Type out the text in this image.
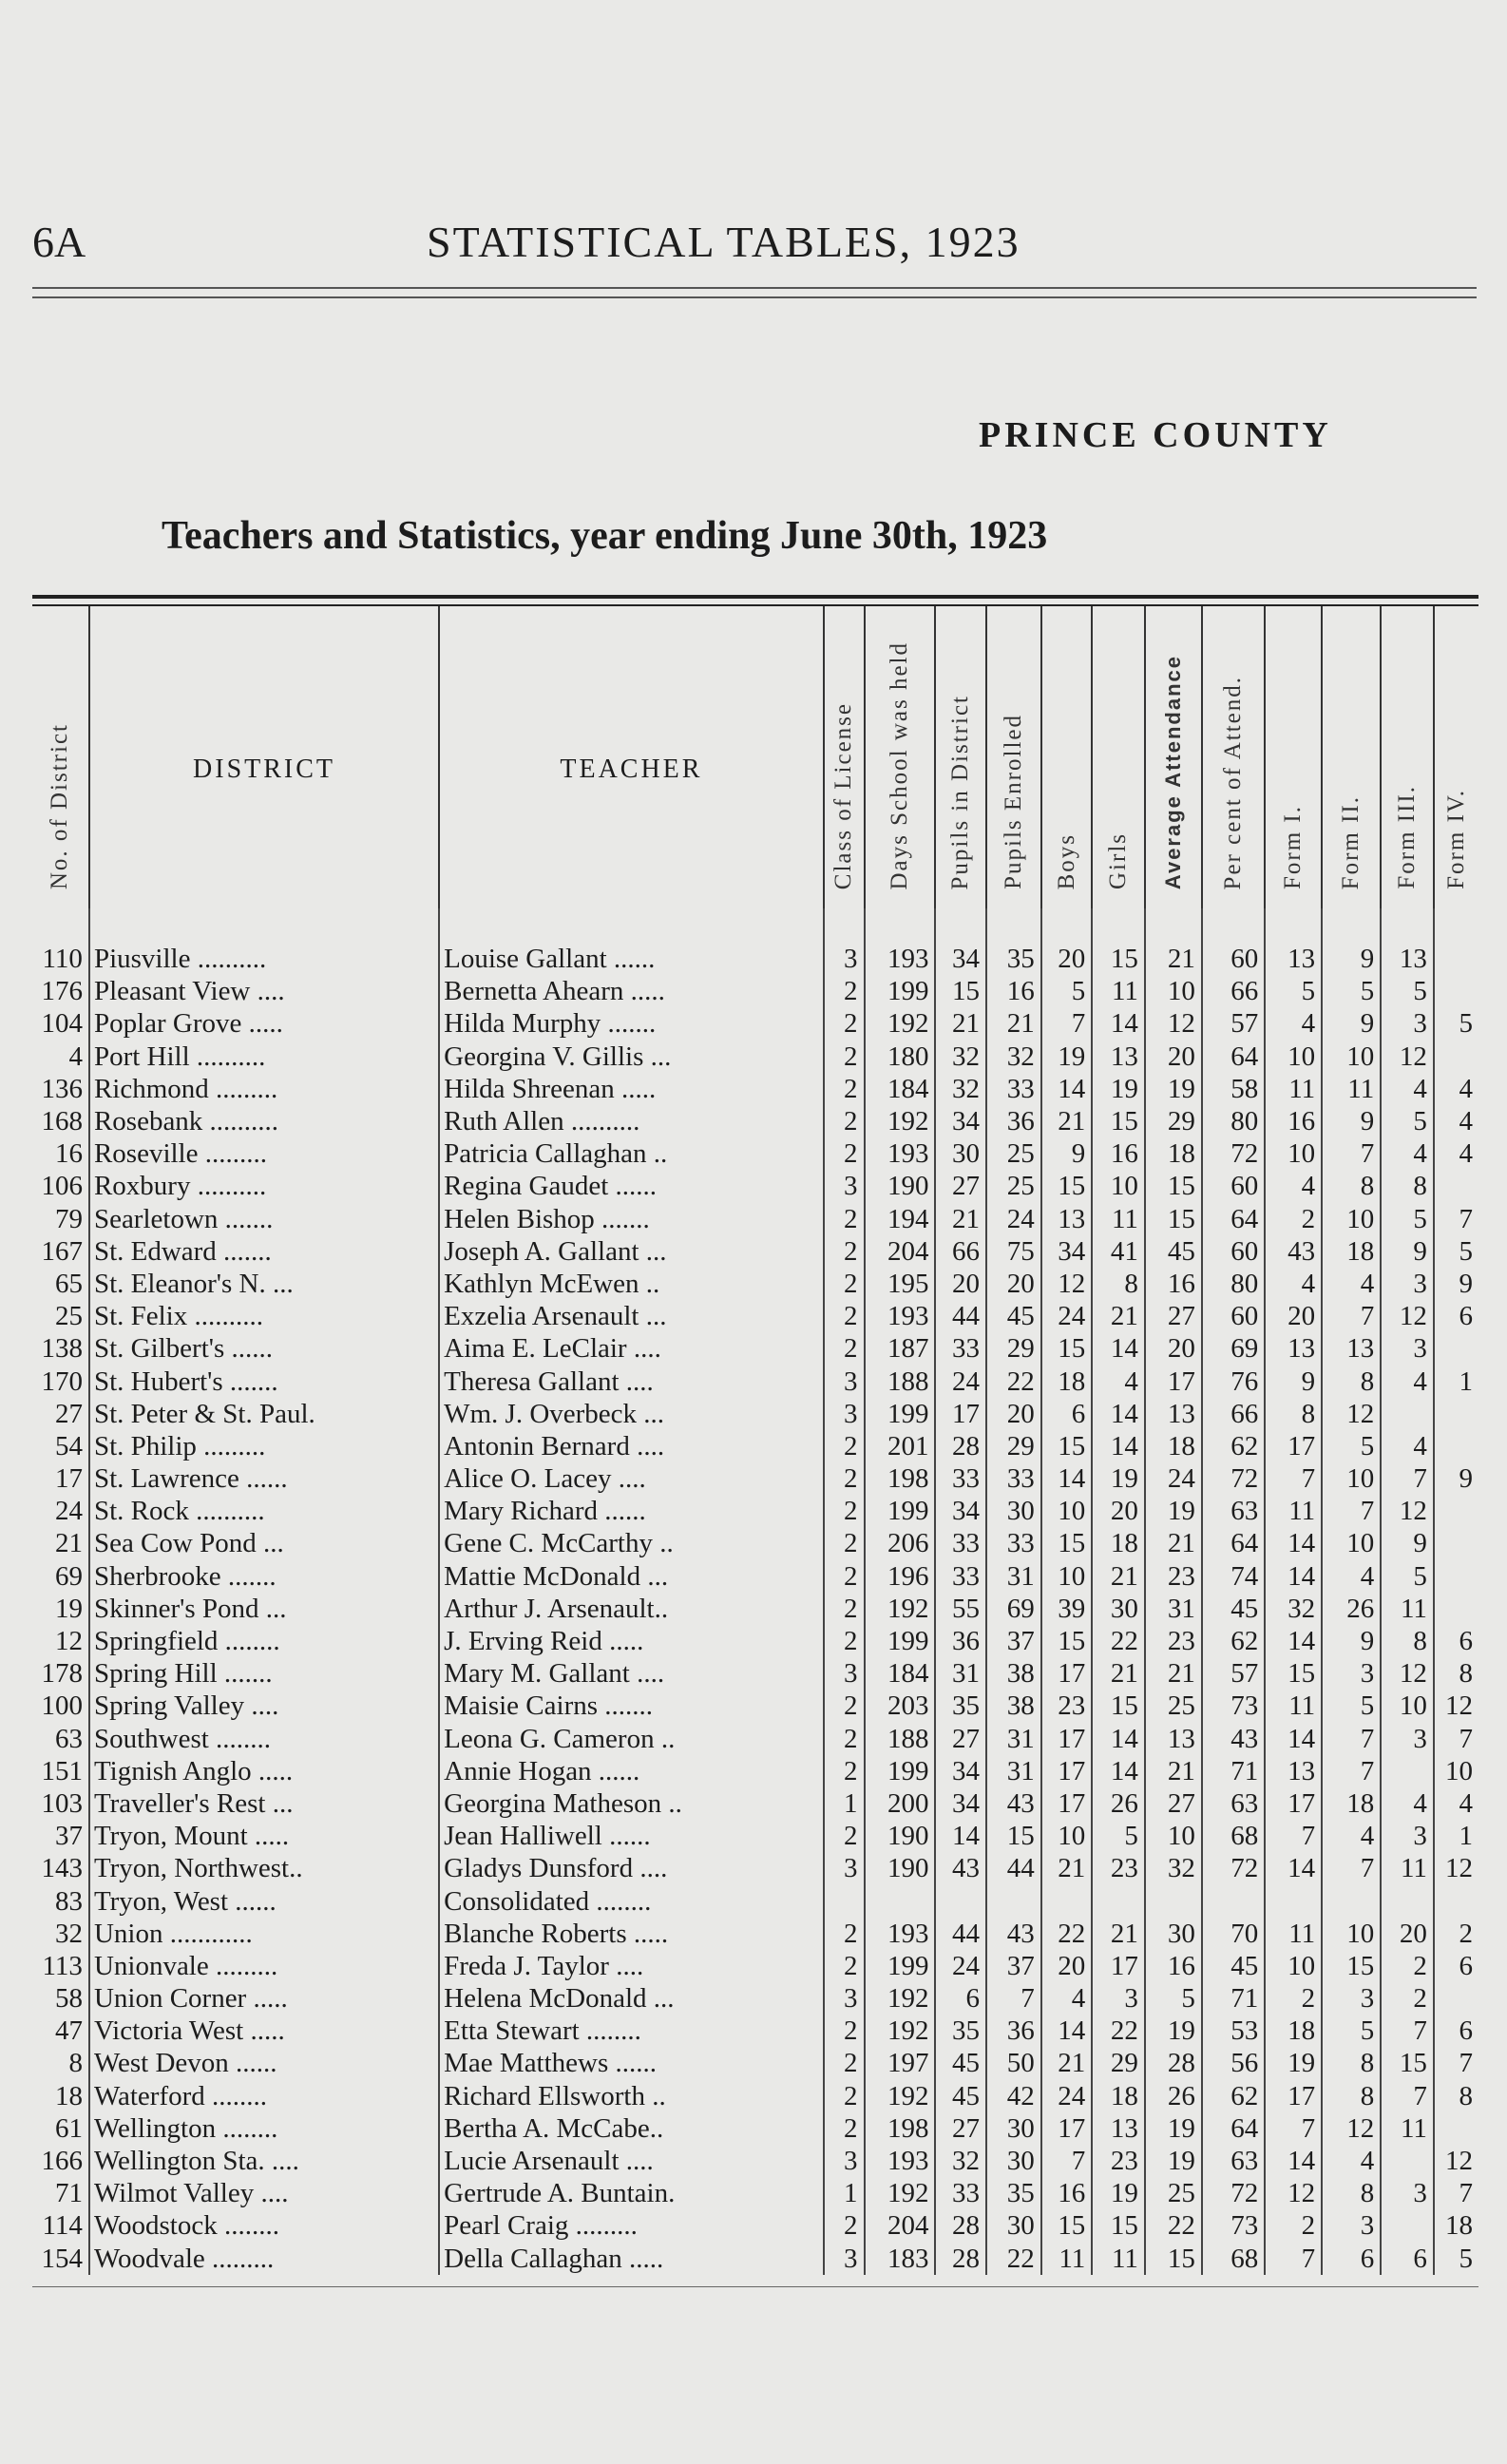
6A	STATISTICAL TABLES, 1923
PRINCE COUNTY
Teachers and Statistics, year ending June 30th, 1923
No. of District	DISTRICT	TEACHER	Class of License	Days School was held	Pupils in District	Pupils Enrolled	Boys	Girls	Average Attendance	Per cent of Attend.	Form I.	Form II.	Form III.	Form IV.

110	Piusville ..........	Louise Gallant ......	3	193	34	35	20	15	21	60	13	9	13	
176	Pleasant View ....	Bernetta Ahearn .....	2	199	15	16	5	11	10	66	5	5	5	
104	Poplar Grove .....	Hilda Murphy .......	2	192	21	21	7	14	12	57	4	9	3	5
4	Port Hill ..........	Georgina V. Gillis ...	2	180	32	32	19	13	20	64	10	10	12	
136	Richmond .........	Hilda Shreenan .....	2	184	32	33	14	19	19	58	11	11	4	4
168	Rosebank ..........	Ruth Allen ..........	2	192	34	36	21	15	29	80	16	9	5	4
16	Roseville .........	Patricia Callaghan ..	2	193	30	25	9	16	18	72	10	7	4	4
106	Roxbury ..........	Regina Gaudet ......	3	190	27	25	15	10	15	60	4	8	8	
79	Searletown .......	Helen Bishop .......	2	194	21	24	13	11	15	64	2	10	5	7
167	St. Edward .......	Joseph A. Gallant ...	2	204	66	75	34	41	45	60	43	18	9	5
65	St. Eleanor's N. ...	Kathlyn McEwen ..	2	195	20	20	12	8	16	80	4	4	3	9
25	St. Felix ..........	Exzelia Arsenault ...	2	193	44	45	24	21	27	60	20	7	12	6
138	St. Gilbert's ......	Aima E. LeClair ....	2	187	33	29	15	14	20	69	13	13	3	
170	St. Hubert's .......	Theresa Gallant ....	3	188	24	22	18	4	17	76	9	8	4	1
27	St. Peter & St. Paul.	Wm. J. Overbeck ...	3	199	17	20	6	14	13	66	8	12		
54	St. Philip .........	Antonin Bernard ....	2	201	28	29	15	14	18	62	17	5	4	
17	St. Lawrence ......	Alice O. Lacey ....	2	198	33	33	14	19	24	72	7	10	7	9
24	St. Rock ..........	Mary Richard ......	2	199	34	30	10	20	19	63	11	7	12	
21	Sea Cow Pond ...	Gene C. McCarthy ..	2	206	33	33	15	18	21	64	14	10	9	
69	Sherbrooke .......	Mattie McDonald ...	2	196	33	31	10	21	23	74	14	4	5	
19	Skinner's Pond ...	Arthur J. Arsenault..	2	192	55	69	39	30	31	45	32	26	11	
12	Springfield ........	J. Erving Reid .....	2	199	36	37	15	22	23	62	14	9	8	6
178	Spring Hill .......	Mary M. Gallant ....	3	184	31	38	17	21	21	57	15	3	12	8
100	Spring Valley ....	Maisie Cairns .......	2	203	35	38	23	15	25	73	11	5	10	12
63	Southwest ........	Leona G. Cameron ..	2	188	27	31	17	14	13	43	14	7	3	7
151	Tignish Anglo .....	Annie Hogan ......	2	199	34	31	17	14	21	71	13	7		10
103	Traveller's Rest ...	Georgina Matheson ..	1	200	34	43	17	26	27	63	17	18	4	4
37	Tryon, Mount .....	Jean Halliwell ......	2	190	14	15	10	5	10	68	7	4	3	1
143	Tryon, Northwest..	Gladys Dunsford ....	3	190	43	44	21	23	32	72	14	7	11	12
83	Tryon, West ......	Consolidated ........												
32	Union ............	Blanche Roberts .....	2	193	44	43	22	21	30	70	11	10	20	2
113	Unionvale .........	Freda J. Taylor ....	2	199	24	37	20	17	16	45	10	15	2	6
58	Union Corner .....	Helena McDonald ...	3	192	6	7	4	3	5	71	2	3	2	
47	Victoria West .....	Etta Stewart ........	2	192	35	36	14	22	19	53	18	5	7	6
8	West Devon ......	Mae Matthews ......	2	197	45	50	21	29	28	56	19	8	15	7
18	Waterford ........	Richard Ellsworth ..	2	192	45	42	24	18	26	62	17	8	7	8
61	Wellington ........	Bertha A. McCabe..	2	198	27	30	17	13	19	64	7	12	11	
166	Wellington Sta. ....	Lucie Arsenault ....	3	193	32	30	7	23	19	63	14	4		12
71	Wilmot Valley ....	Gertrude A. Buntain.	1	192	33	35	16	19	25	72	12	8	3	7
114	Woodstock ........	Pearl Craig .........	2	204	28	30	15	15	22	73	2	3		18
154	Woodvale .........	Della Callaghan .....	3	183	28	22	11	11	15	68	7	6	6	5
